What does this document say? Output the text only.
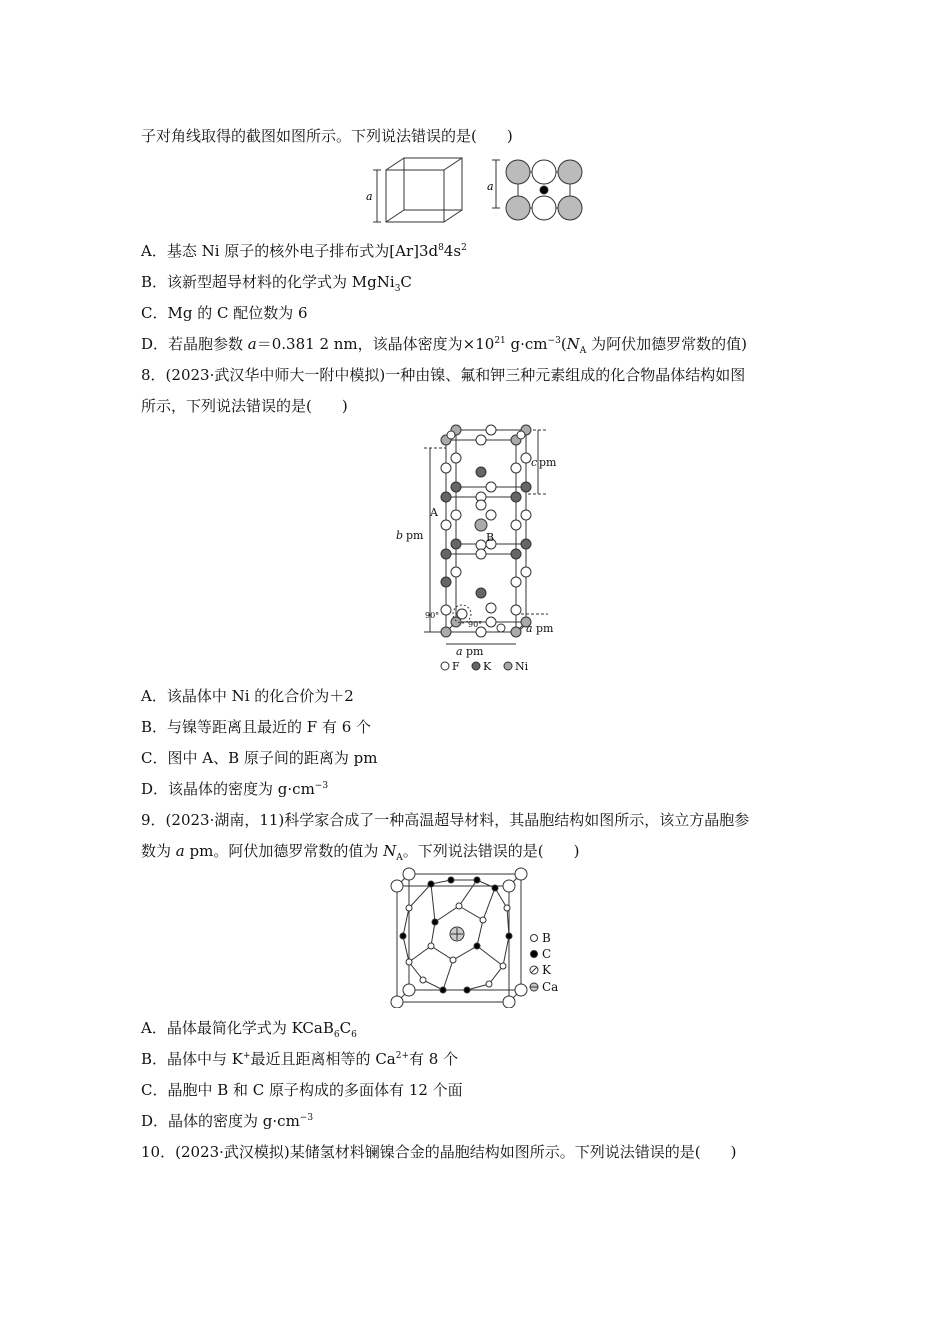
子对角线取得的截图如图所示。下列说法错误的是(　　)
a
a
A．基态 Ni 原子的核外电子排布式为$[Ar]3d^84s^2$
B．该新型超导材料的化学式为 MgNi$_3$C
C．Mg 的 C 配位数为 6
D．若晶胞参数 a＝0.381 2 nm，该晶体密度为$\times 10^{21}$ $g\cdot cm^{-3}(N_A$ 为阿伏加德罗常数的值)
8．(2023·武汉华中师大一附中模拟)一种由镍、氟和钾三种元素组成的化合物晶体结构如图
所示，下列说法错误的是(　　)
c pm
b pm
A
B
90°
90°	a pm
a pm
F K Ni
A．该晶体中 Ni 的化合价为＋2
B．与镍等距离且最近的 F 有 6 个
C．图中 A、B 原子间的距离为 pm
D．该晶体的密度为 $g\cdot cm^{-3}$
9．(2023·湖南，11)科学家合成了一种高温超导材料，其晶胞结构如图所示，该立方晶胞参
数为 a pm。阿伏加德罗常数的值为 $N_A$。下列说法错误的是(　　)
B
C
K
Ca
A．晶体最简化学式为 $KCaB_6C_6$
B．晶体中与 K+最近且距离相等的 $Ca^{2+}$有 8 个
C．晶胞中 B 和 C 原子构成的多面体有 12 个面
D．晶体的密度为 $g\cdot cm^{-3}$
10．(2023·武汉模拟)某储氢材料镧镍合金的晶胞结构如图所示。下列说法错误的是(　　)
